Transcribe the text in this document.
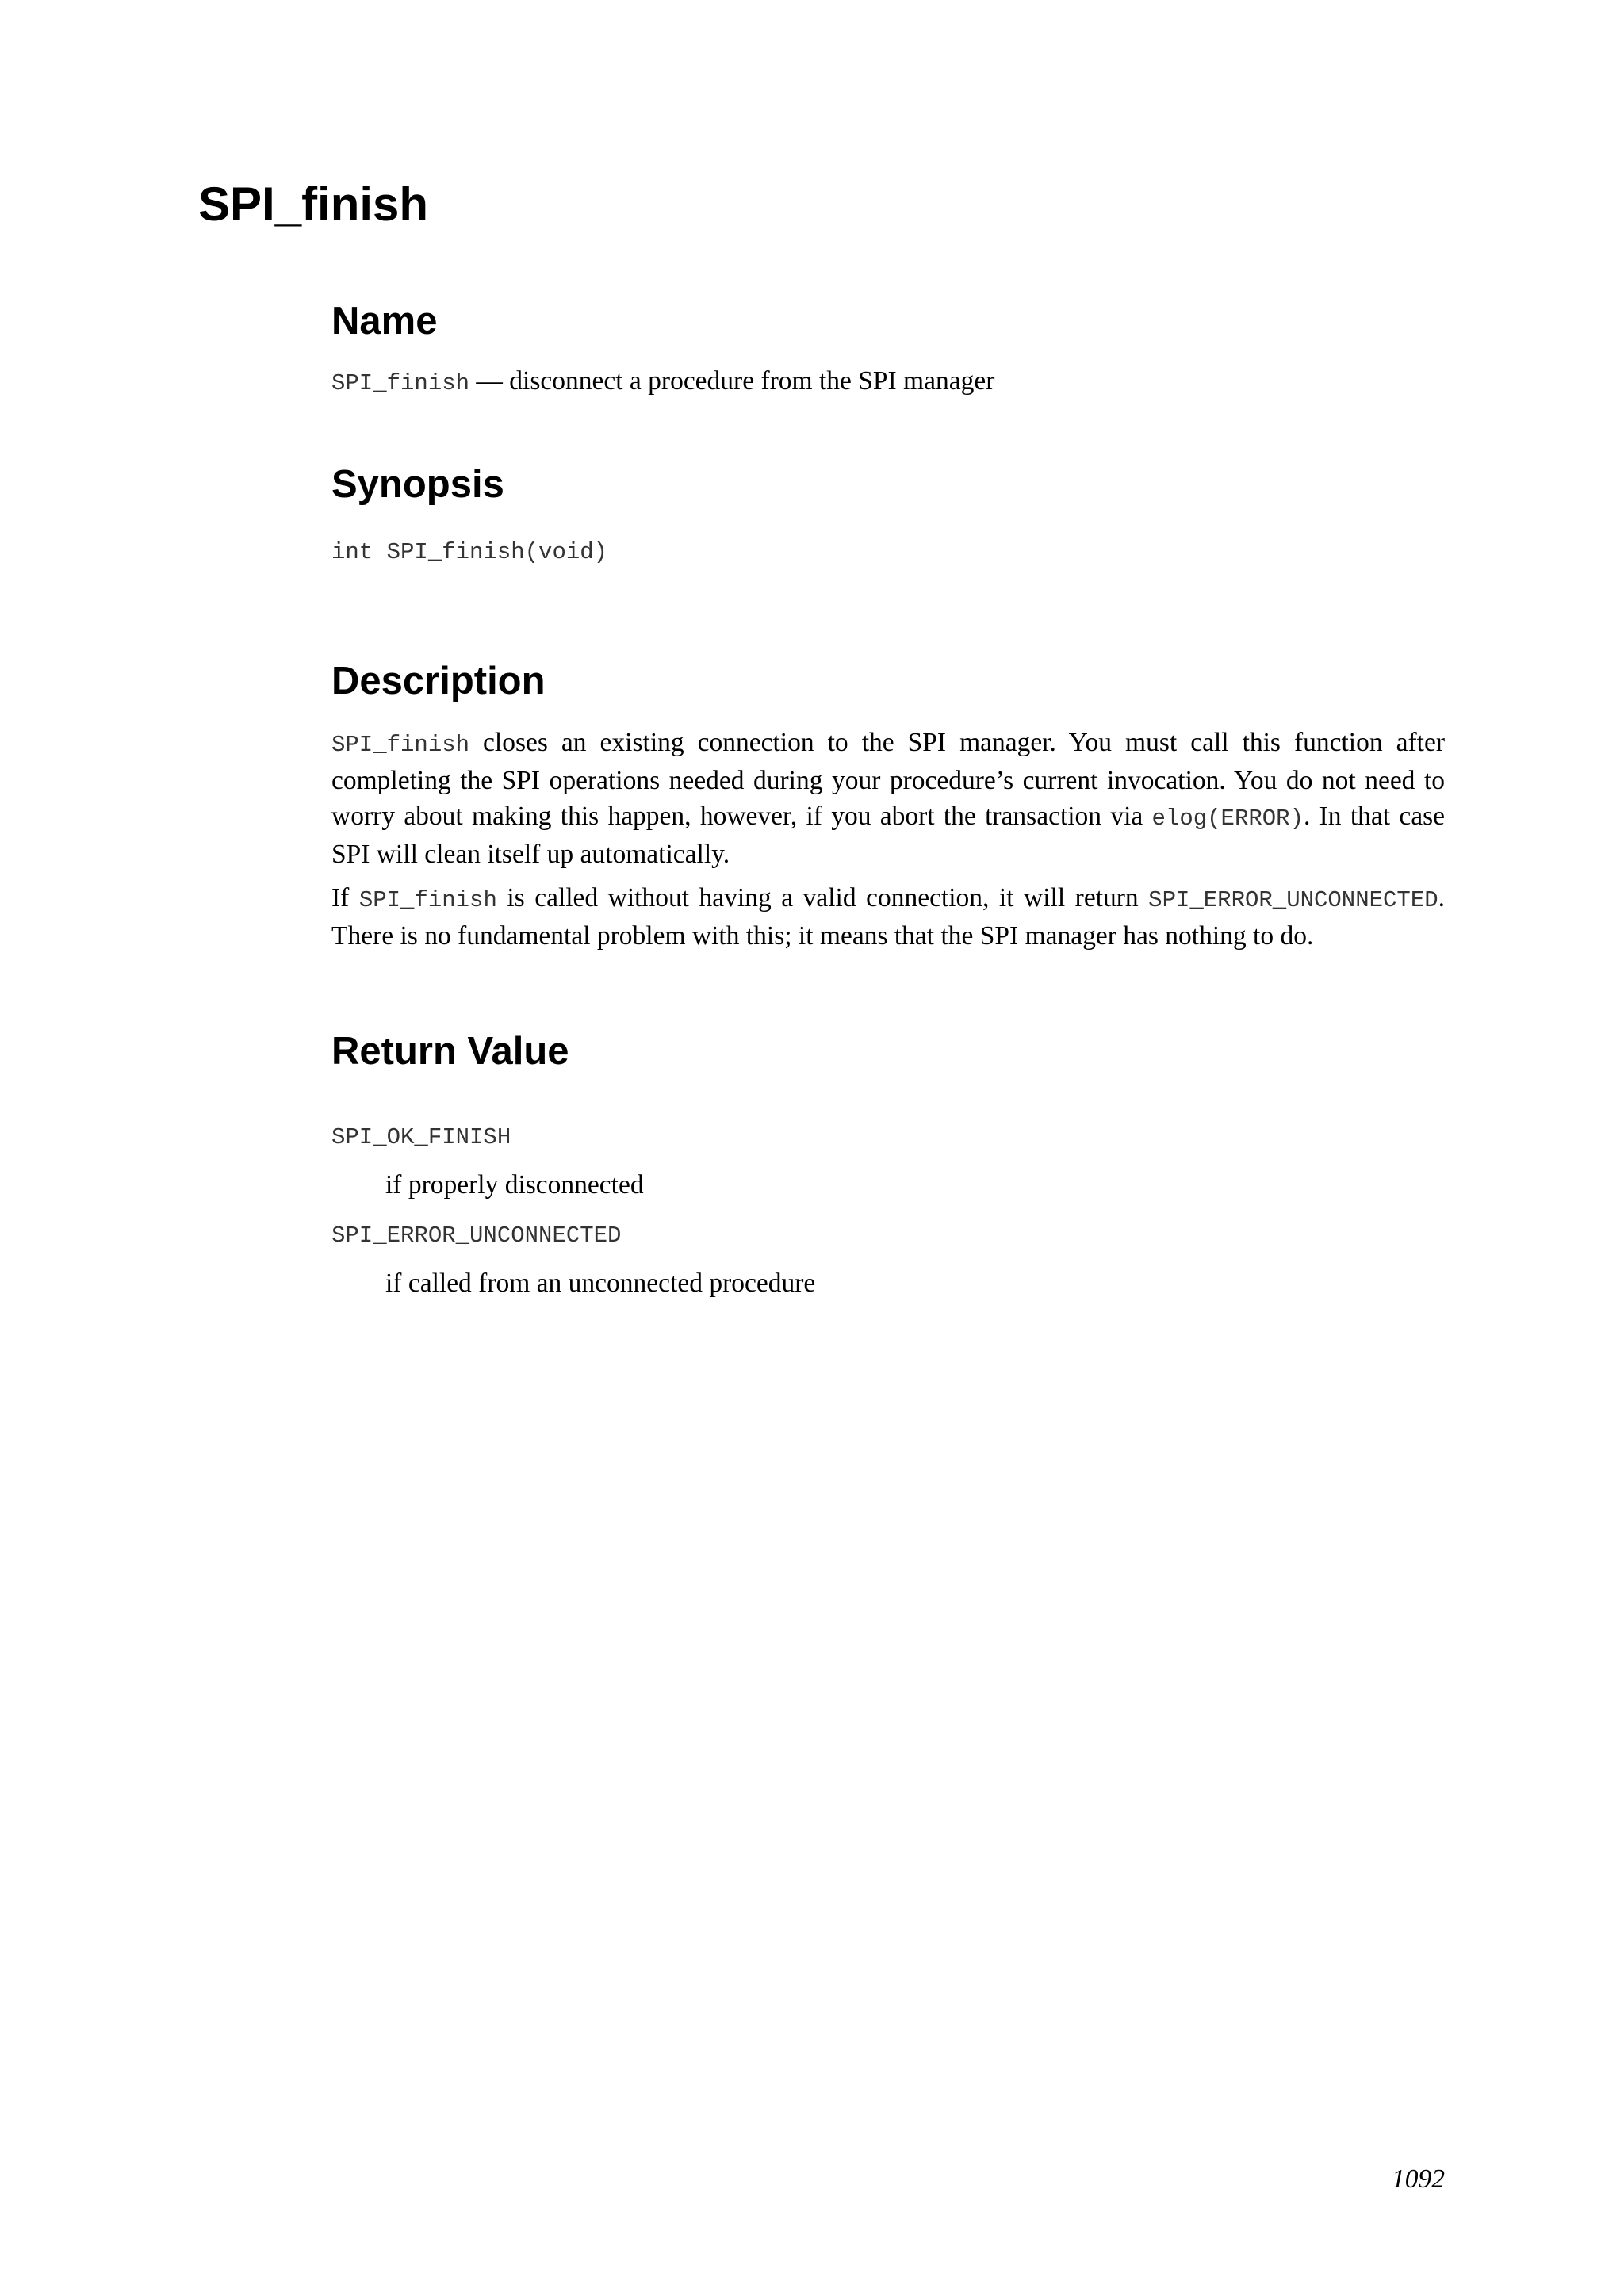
SPI_finish
Name

SPI_finish — disconnect a procedure from the SPI manager

Synopsis

int SPI_finish(void)

Description

SPI_finish closes an existing connection to the SPI manager. You must call this function after completing the SPI operations needed during your procedure’s current invocation. You do not need to worry about making this happen, however, if you abort the transaction via elog(ERROR). In that case SPI will clean itself up automatically.

If SPI_finish is called without having a valid connection, it will return SPI_ERROR_UNCONNECTED. There is no fundamental problem with this; it means that the SPI manager has nothing to do.

Return Value

SPI_OK_FINISH

if properly disconnected

SPI_ERROR_UNCONNECTED

if called from an unconnected procedure

1092
